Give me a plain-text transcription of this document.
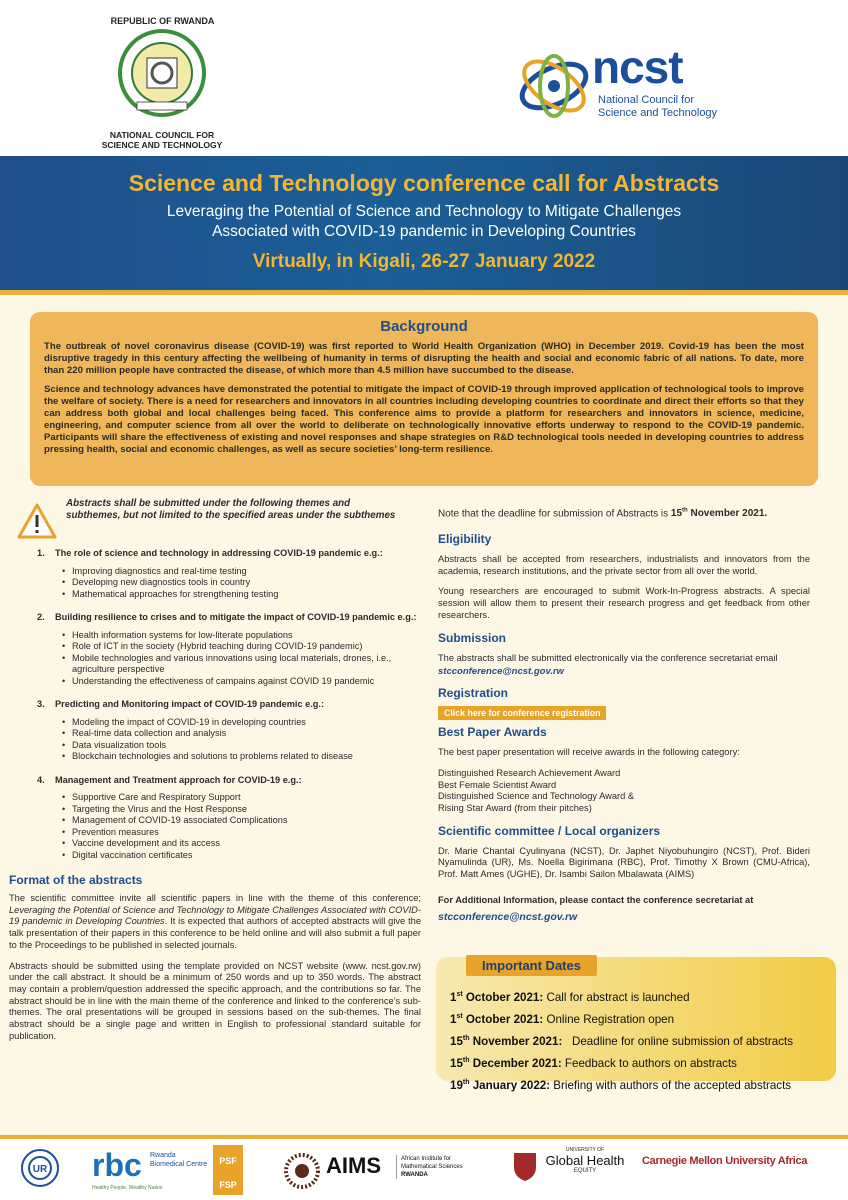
REPUBLIC OF RWANDA
NATIONAL COUNCIL FOR SCIENCE AND TECHNOLOGY
ncst
National Council for
Science and Technology
Science and Technology conference call for Abstracts
Leveraging the Potential of Science and Technology to Mitigate Challenges
Associated with COVID-19 pandemic in Developing Countries
Virtually, in Kigali, 26-27 January 2022
Background

The outbreak of novel coronavirus disease (COVID-19) was first reported to World Health Organization (WHO) in December 2019. Covid-19 has been the most disruptive tragedy in this century affecting the wellbeing of humanity in terms of disrupting the health and social and economic fabric of all nations. To date, more than 220 million people have contracted the disease, of which more than 4.5 million have succumbed to the disease.

Science and technology advances have demonstrated the potential to mitigate the impact of COVID-19 through improved application of technological tools to improve the welfare of society. There is a need for researchers and innovators in all countries including developing countries to coordinate and direct their efforts so that they can address both global and local challenges being faced. This conference aims to provide a platform for researchers and innovators in science, medicine, engineering, and computer science from all over the world to deliberate on technologically innovative efforts underway to respond to the COVID-19 pandemic. Participants will share the effectiveness of existing and novel responses and shape strategies on R&D technological tools needed in developing countries to address pressing health, social and economic challenges, as well as secure societies’ long-term resilience.

Abstracts shall be submitted under the following themes and subthemes, but not limited to the specified areas under the subthemes
1.	The role of science and technology in addressing COVID-19 pandemic e.g.:
• Improving diagnostics and real-time testing
• Developing new diagnostics tools in country
• Mathematical approaches for strengthening testing
2.	Building resilience to crises and to mitigate the impact of COVID-19 pandemic e.g.:
• Health information systems for low-literate populations
• Role of ICT in the society (Hybrid teaching during COVID-19 pandemic)
• Mobile technologies and various innovations using local materials, drones, i.e., agriculture perspective
• Understanding the effectiveness of campains against COVID 19 pandemic
3.	Predicting and Monitoring impact of COVID-19 pandemic e.g.:
• Modeling the impact of COVID-19 in developing countries
• Real-time data collection and analysis
• Data visualization tools
• Blockchain technologies and solutions to problems related to disease
4.	Management and Treatment approach for COVID-19 e.g.:
• Supportive Care and Respiratory Support
• Targeting the Virus and the Host Response
• Management of COVID-19 associated Complications
• Prevention measures
• Vaccine development and its access
• Digital vaccination certificates
Format of the abstracts
The scientific committee invite all scientific papers in line with the theme of this conference; Leveraging the Potential of Science and Technology to Mitigate Challenges Associated with COVID-19 pandemic in Developing Countries. It is expected that authors of accepted abstracts will give the talk presentation of their papers in this conference to be held online and will also submit a full paper to the Proceedings to be published in selected journals.
Abstracts should be submitted using the template provided on NCST website (www. ncst.gov.rw) under the call abstract. It should be a minimum of 250 words and up to 350 words. The abstract may contain a problem/question addressed the specific approach, and the contributions so far. The abstract should be in line with the main theme of the conference and linked to the conference’s sub-themes. The oral presentations will be grouped in sessions based on the sub-themes. The final abstract should be a single page and written in English to professional standard suitable for publication.
Note that the deadline for submission of Abstracts is 15th November 2021.
Eligibility
Abstracts shall be accepted from researchers, industrialists and innovators from the academia, research institutions, and the private sector from all over the world.
Young researchers are encouraged to submit Work-In-Progress abstracts. A special session will allow them to present their research progress and get feedback from other researchers.
Submission
The abstracts shall be submitted electronically via the conference secretariat email
stcconference@ncst.gov.rw
Registration
Click here for conference registration
Best Paper Awards
The best paper presentation will receive awards in the following category:
Distinguished Research Achievement Award
Best Female Scientist Award
Distinguished Science and Technology Award &
Rising Star Award (from their pitches)
Scientific committee / Local organizers
Dr. Marie Chantal Cyulinyana (NCST), Dr. Japhet Niyobuhungiro (NCST), Prof. Bideri Nyamulinda (UR), Ms. Noella Bigirimana (RBC), Prof. Timothy X Brown (CMU-Africa), Prof. Matt Ames (UGHE), Dr. Isambi Sailon Mbalawata (AIMS)
For Additional Information, please contact the conference secretariat at
stcconference@ncst.gov.rw
Important Dates
1st October 2021: Call for abstract is launched
1st October 2021: Online Registration open
15th November 2021:   Deadline for online submission of abstracts
15th December 2021: Feedback to authors on abstracts
19th January 2022: Briefing with authors of the accepted abstracts
UR rbc Rwanda Biomedical Centre
Healthy People, Wealthy Nation
PSF
FSP
AIMS	African Institute for Mathematical Sciences
RWANDA
UNIVERSITY OF
Global Health
EQUITY
Carnegie Mellon University Africa
